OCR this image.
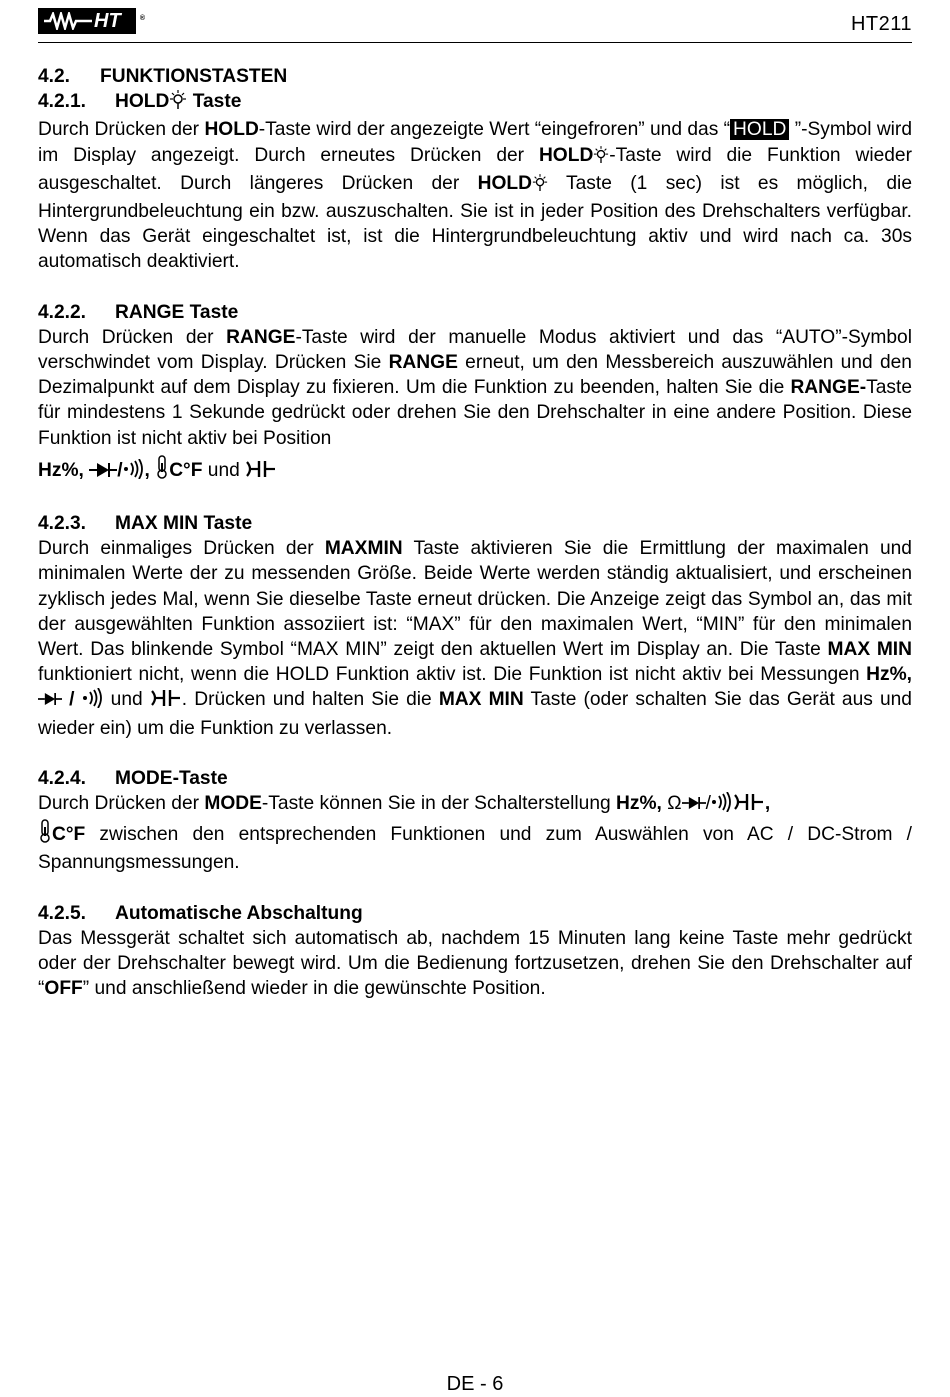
HT	®	HT211

4.2. FUNKTIONSTASTEN

4.2.1. HOLD Taste

Durch Drücken der HOLD-Taste wird der angezeigte Wert “eingefroren” und das “ HOLD ”-Symbol wird im Display angezeigt. Durch erneutes Drücken der HOLD -Taste wird die Funktion wieder ausgeschaltet. Durch längeres Drücken der HOLD Taste (1 sec) ist es möglich, die Hintergrundbeleuchtung ein bzw. auszuschalten. Sie ist in jeder Position des Drehschalters verfügbar. Wenn das Gerät eingeschaltet ist, ist die Hintergrundbeleuchtung aktiv und wird nach ca. 30s automatisch deaktiviert.

4.2.2. RANGE Taste

Durch Drücken der RANGE-Taste wird der manuelle Modus aktiviert und das “AUTO”-Symbol verschwindet vom Display. Drücken Sie RANGE erneut, um den Messbereich auszuwählen und den Dezimalpunkt auf dem Display zu fixieren. Um die Funktion zu beenden, halten Sie die RANGE-Taste für mindestens 1 Sekunde gedrückt oder drehen Sie den Drehschalter in eine andere Position. Diese Funktion ist nicht aktiv bei Position

Hz%, / , C°F und

4.2.3. MAX MIN Taste

Durch einmaliges Drücken der MAXMIN Taste aktivieren Sie die Ermittlung der maximalen und minimalen Werte der zu messenden Größe. Beide Werte werden ständig aktualisiert, und erscheinen zyklisch jedes Mal, wenn Sie dieselbe Taste erneut drücken. Die Anzeige zeigt das Symbol an, das mit der ausgewählten Funktion assoziiert ist: “MAX” für den maximalen Wert, “MIN” für den minimalen Wert. Das blinkende Symbol “MAX MIN” zeigt den aktuellen Wert im Display an. Die Taste MAX MIN funktioniert nicht, wenn die HOLD Funktion aktiv ist. Die Funktion ist nicht aktiv bei Messungen Hz%,  /  und . Drücken und halten Sie die MAX MIN Taste (oder schalten Sie das Gerät aus und wieder ein) um die Funktion zu verlassen.

4.2.4. MODE-Taste

Durch Drücken der MODE-Taste können Sie in der Schalterstellung Hz%, Ω /	,
C°F zwischen den entsprechenden Funktionen und zum Auswählen von AC / DC-Strom / Spannungsmessungen.

4.2.5. Automatische Abschaltung

Das Messgerät schaltet sich automatisch ab, nachdem 15 Minuten lang keine Taste mehr gedrückt oder der Drehschalter bewegt wird. Um die Bedienung fortzusetzen, drehen Sie den Drehschalter auf “OFF” und anschließend wieder in die gewünschte Position.

DE - 6
